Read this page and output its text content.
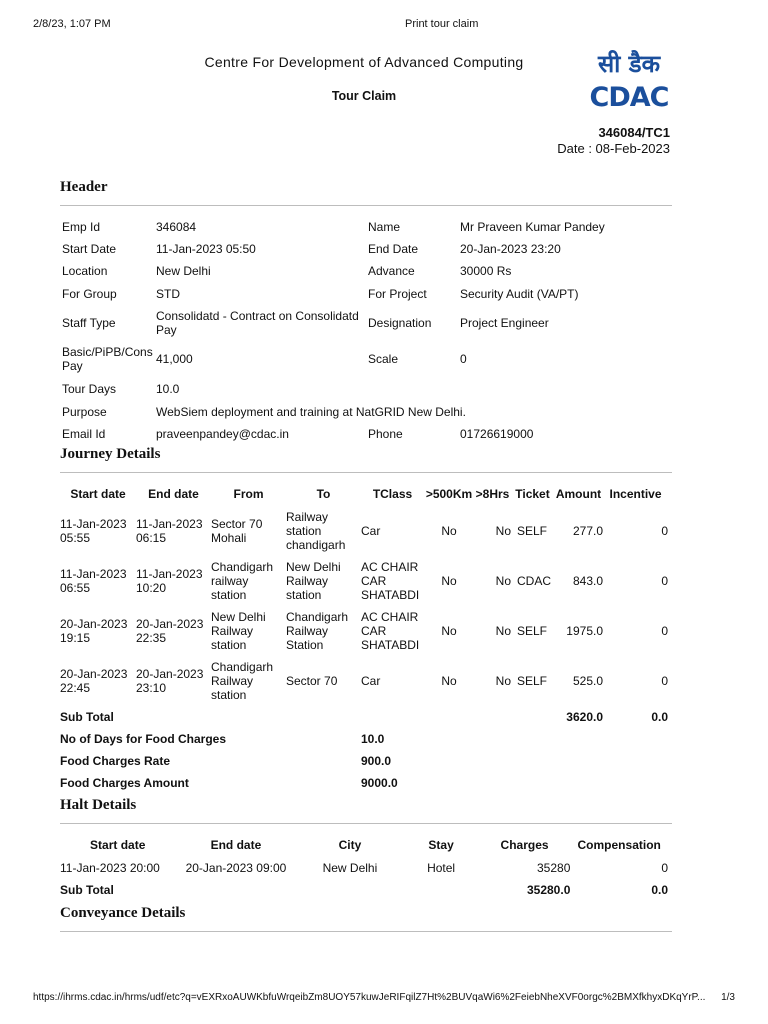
2/8/23, 1:07 PM	Print tour claim
Centre For Development of Advanced Computing
Tour Claim
सी डैक
CDAC
346084/TC1
Date : 08-Feb-2023
Header
Emp Id	346084	Name	Mr Praveen Kumar Pandey
Start Date	11-Jan-2023 05:50	End Date	20-Jan-2023 23:20
Location	New Delhi	Advance	30000 Rs
For Group	STD	For Project	Security Audit (VA/PT)
Staff Type	Consolidatd - Contract on Consolidatd Pay	Designation	Project Engineer
Basic/PiPB/Cons Pay	41,000	Scale	0
Tour Days	10.0		
Purpose	WebSiem deployment and training at NatGRID New Delhi.		
Email Id	praveenpandey@cdac.in	Phone	01726619000
Journey Details
Start date	End date	From	To	TClass	>500Km	>8Hrs	Ticket	Amount	Incentive
11-Jan-2023 05:55	11-Jan-2023 06:15	Sector 70 Mohali	Railway station chandigarh	Car	No	No	SELF	277.0	0
11-Jan-2023 06:55	11-Jan-2023 10:20	Chandigarh railway station	New Delhi Railway station	AC CHAIR CAR SHATABDI	No	No	CDAC	843.0	0
20-Jan-2023 19:15	20-Jan-2023 22:35	New Delhi Railway station	Chandigarh Railway Station	AC CHAIR CAR SHATABDI	No	No	SELF	1975.0	0
20-Jan-2023 22:45	20-Jan-2023 23:10	Chandigarh Railway station	Sector 70	Car	No	No	SELF	525.0	0
Sub Total								3620.0	0.0
No of Days for Food Charges				10.0					
Food Charges Rate				900.0					
Food Charges Amount				9000.0					
Halt Details
Start date	End date	City	Stay	Charges	Compensation
11-Jan-2023 20:00	20-Jan-2023 09:00	New Delhi	Hotel	35280	0
Sub Total				35280.0	0.0
Conveyance Details
https://ihrms.cdac.in/hrms/udf/etc?q=vEXRxoAUWKbfuWrqeibZm8UOY57kuwJeRIFqilZ7Ht%2BUVqaWi6%2FeiebNheXVF0orgc%2BMXfkhyxDKqYrP...	1/3
